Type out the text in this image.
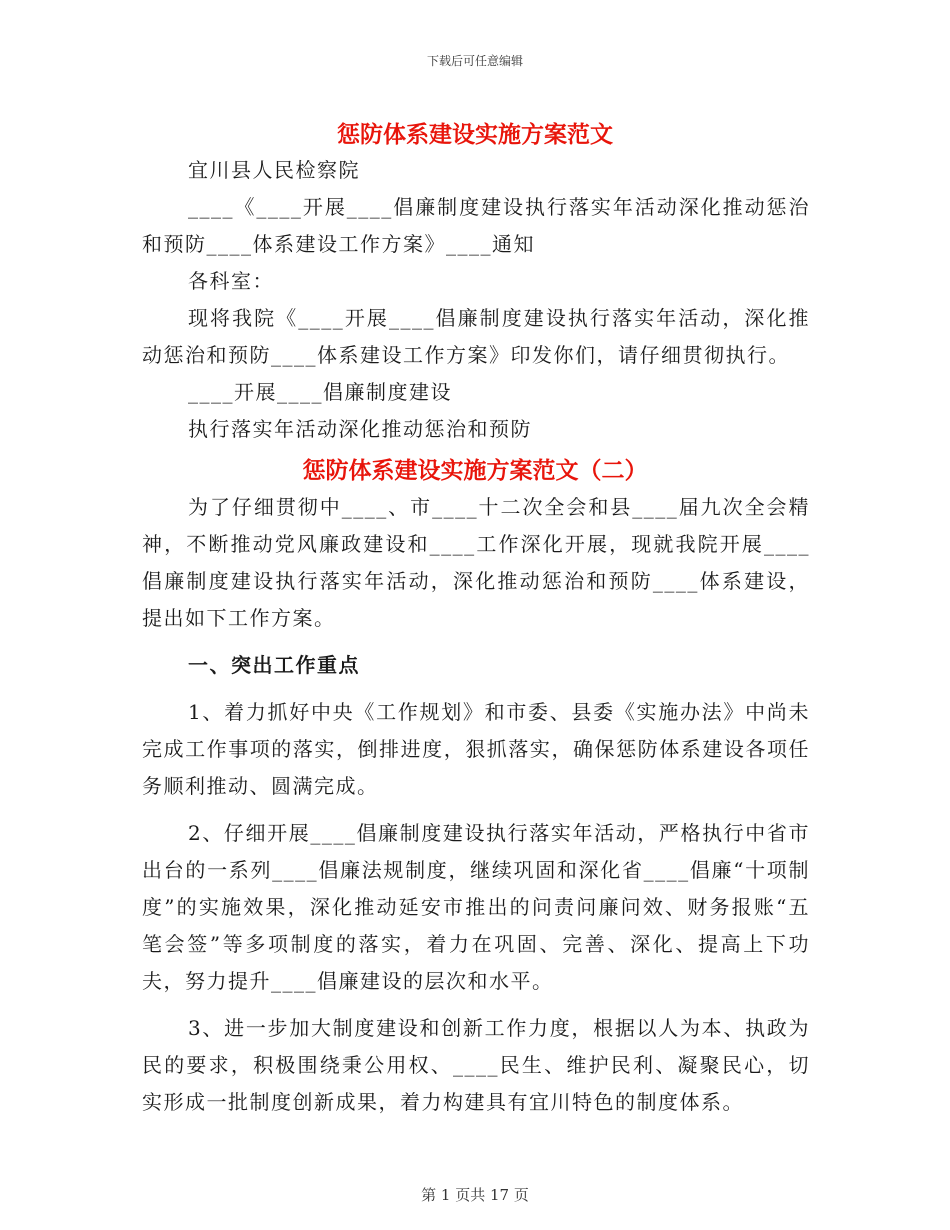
下载后可任意编辑
惩防体系建设实施方案范文

宜川县人民检察院

____《____开展____倡廉制度建设执行落实年活动深化推动惩治和预防____体系建设工作方案》____通知

各科室：

现将我院《____开展____倡廉制度建设执行落实年活动，深化推动惩治和预防____体系建设工作方案》印发你们，请仔细贯彻执行。

____开展____倡廉制度建设

执行落实年活动深化推动惩治和预防

惩防体系建设实施方案范文（二）

为了仔细贯彻中____、市____十二次全会和县____届九次全会精神，不断推动党风廉政建设和____工作深化开展，现就我院开展____倡廉制度建设执行落实年活动，深化推动惩治和预防____体系建设，提出如下工作方案。

一、突出工作重点

1、着力抓好中央《工作规划》和市委、县委《实施办法》中尚未完成工作事项的落实，倒排进度，狠抓落实，确保惩防体系建设各项任务顺利推动、圆满完成。

2、仔细开展____倡廉制度建设执行落实年活动，严格执行中省市出台的一系列____倡廉法规制度，继续巩固和深化省____倡廉“十项制度”的实施效果，深化推动延安市推出的问责问廉问效、财务报账“五笔会签”等多项制度的落实，着力在巩固、完善、深化、提高上下功夫，努力提升____倡廉建设的层次和水平。

3、进一步加大制度建设和创新工作力度，根据以人为本、执政为民的要求，积极围绕秉公用权、____民生、维护民利、凝聚民心，切实形成一批制度创新成果，着力构建具有宜川特色的制度体系。

第 1 页共 17 页
